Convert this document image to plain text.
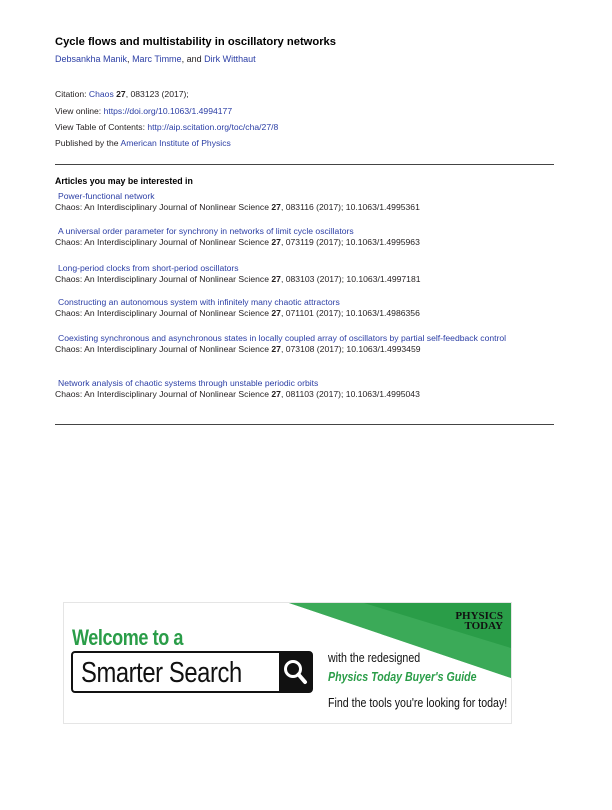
Cycle flows and multistability in oscillatory networks
Debsankha Manik, Marc Timme, and Dirk Witthaut
Citation: Chaos 27, 083123 (2017);
View online: https://doi.org/10.1063/1.4994177
View Table of Contents: http://aip.scitation.org/toc/cha/27/8
Published by the American Institute of Physics
Articles you may be interested in
Power-functional network
Chaos: An Interdisciplinary Journal of Nonlinear Science 27, 083116 (2017); 10.1063/1.4995361
A universal order parameter for synchrony in networks of limit cycle oscillators
Chaos: An Interdisciplinary Journal of Nonlinear Science 27, 073119 (2017); 10.1063/1.4995963
Long-period clocks from short-period oscillators
Chaos: An Interdisciplinary Journal of Nonlinear Science 27, 083103 (2017); 10.1063/1.4997181
Constructing an autonomous system with infinitely many chaotic attractors
Chaos: An Interdisciplinary Journal of Nonlinear Science 27, 071101 (2017); 10.1063/1.4986356
Coexisting synchronous and asynchronous states in locally coupled array of oscillators by partial self-feedback control
Chaos: An Interdisciplinary Journal of Nonlinear Science 27, 073108 (2017); 10.1063/1.4993459
Network analysis of chaotic systems through unstable periodic orbits
Chaos: An Interdisciplinary Journal of Nonlinear Science 27, 081103 (2017); 10.1063/1.4995043
Welcome to a
Smarter Search
PHYSICS
TODAY
with the redesigned
Physics Today Buyer's Guide
Find the tools you're looking for today!
